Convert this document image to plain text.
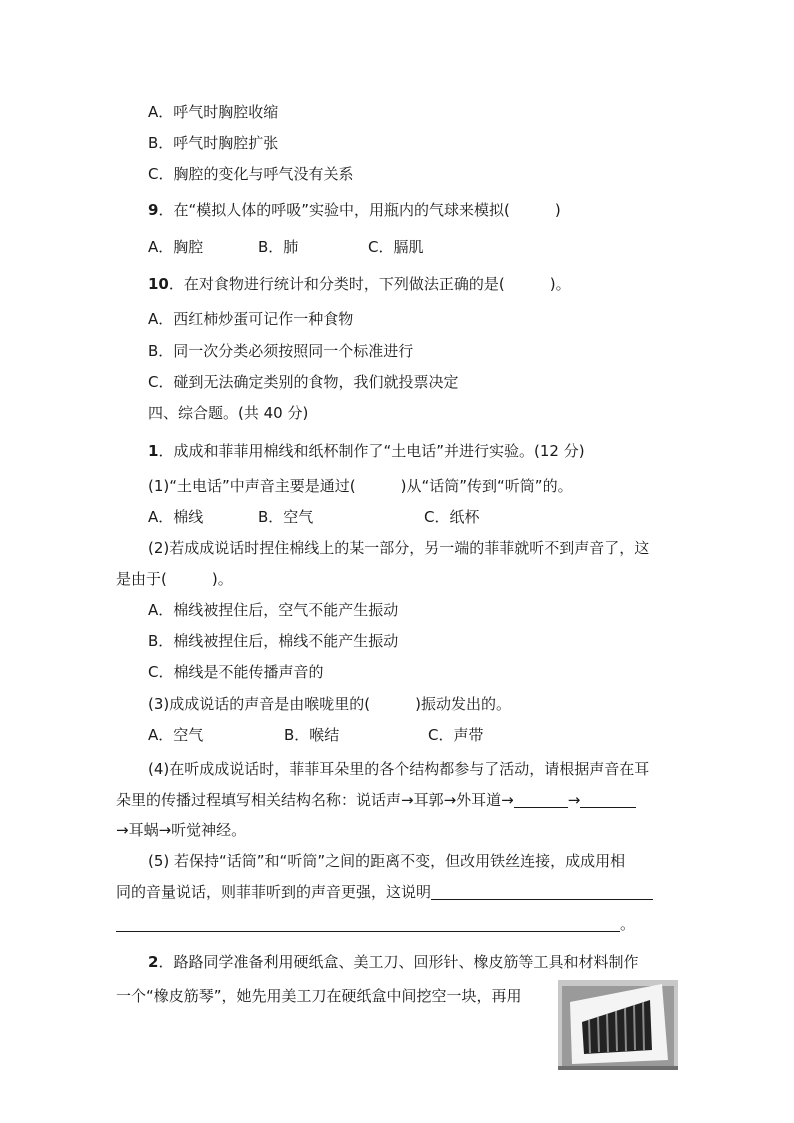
A．呼气时胸腔收缩
B．呼气时胸腔扩张
C．胸腔的变化与呼气没有关系
9．在“模拟人体的呼吸”实验中，用瓶内的气球来模拟(　　　)
A．胸腔	B．肺	C．膈肌
10．在对食物进行统计和分类时，下列做法正确的是(　　　)。
A．西红柿炒蛋可记作一种食物
B．同一次分类必须按照同一个标准进行
C．碰到无法确定类别的食物，我们就投票决定
四、综合题。(共 40 分)
1．成成和菲菲用棉线和纸杯制作了“土电话”并进行实验。(12 分)
(1)“土电话”中声音主要是通过(　　　)从“话筒”传到“听筒”的。
A．棉线	B．空气	C．纸杯
(2)若成成说话时捏住棉线上的某一部分，另一端的菲菲就听不到声音了，这
是由于(　　　)。
A．棉线被捏住后，空气不能产生振动
B．棉线被捏住后，棉线不能产生振动
C．棉线是不能传播声音的
(3)成成说话的声音是由喉咙里的(　　　)振动发出的。
A．空气	B．喉结	C．声带
(4)在听成成说话时，菲菲耳朵里的各个结构都参与了活动，请根据声音在耳
朵里的传播过程填写相关结构名称：说话声→耳郭→外耳道→	→
→耳蜗→听觉神经。
(5) 若保持“话筒”和“听筒”之间的距离不变，但改用铁丝连接，成成用相
同的音量说话，则菲菲听到的声音更强，这说明
。
2．路路同学准备利用硬纸盒、美工刀、回形针、橡皮筋等工具和材料制作
一个“橡皮筋琴”，她先用美工刀在硬纸盒中间挖空一块，再用
